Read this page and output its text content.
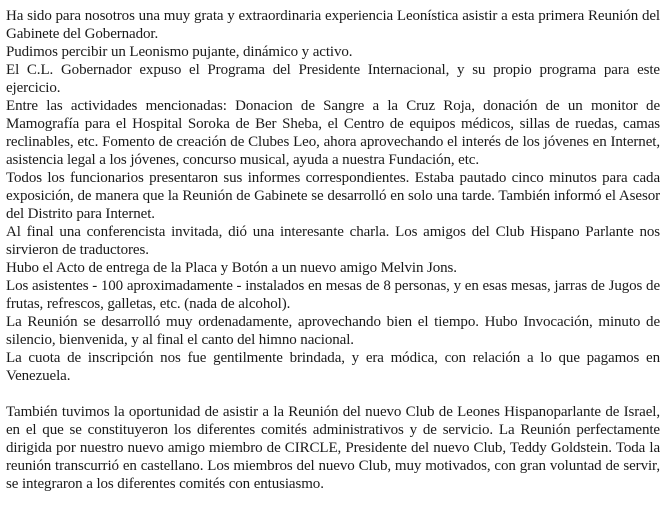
Ha sido para nosotros una muy grata y extraordinaria experiencia Leonística asistir a esta primera Reunión del Gabinete del Gobernador.

Pudimos percibir un Leonismo pujante, dinámico y activo.

El C.L. Gobernador expuso el Programa del Presidente Internacional, y su propio programa para este ejercicio.

Entre las actividades mencionadas: Donacion de Sangre a la Cruz Roja, donación de un monitor de Mamografía para el Hospital Soroka de Ber Sheba, el Centro de equipos médicos, sillas de ruedas, camas reclinables, etc. Fomento de creación de Clubes Leo, ahora aprovechando el interés de los jóvenes en Internet, asistencia legal a los jóvenes, concurso musical, ayuda a nuestra Fundación, etc.

Todos los funcionarios presentaron sus informes correspondientes. Estaba pautado cinco minutos para cada exposición, de manera que la Reunión de Gabinete se desarrolló en solo una tarde. También informó el Asesor del Distrito para Internet.

Al final una conferencista invitada, dió una interesante charla. Los amigos del Club Hispano Parlante nos sirvieron de traductores.

Hubo el Acto de entrega de la Placa y Botón a un nuevo amigo Melvin Jons.

Los asistentes - 100 aproximadamente - instalados en mesas de 8 personas, y en esas mesas, jarras de Jugos de frutas, refrescos, galletas, etc. (nada de alcohol).

La Reunión se desarrolló muy ordenadamente, aprovechando bien el tiempo. Hubo Invocación, minuto de silencio, bienvenida, y al final el canto del himno nacional.

La cuota de inscripción nos fue gentilmente brindada, y era módica, con relación a lo que pagamos en Venezuela.

También tuvimos la oportunidad de asistir a la Reunión del nuevo Club de Leones Hispanoparlante de Israel, en el que se constituyeron los diferentes comités administrativos y de servicio. La Reunión perfectamente dirigida por nuestro nuevo amigo miembro de CIRCLE, Presidente del nuevo Club, Teddy Goldstein. Toda la reunión transcurrió en castellano. Los miembros del nuevo Club, muy motivados, con gran voluntad de servir, se integraron a los diferentes comités con entusiasmo.
